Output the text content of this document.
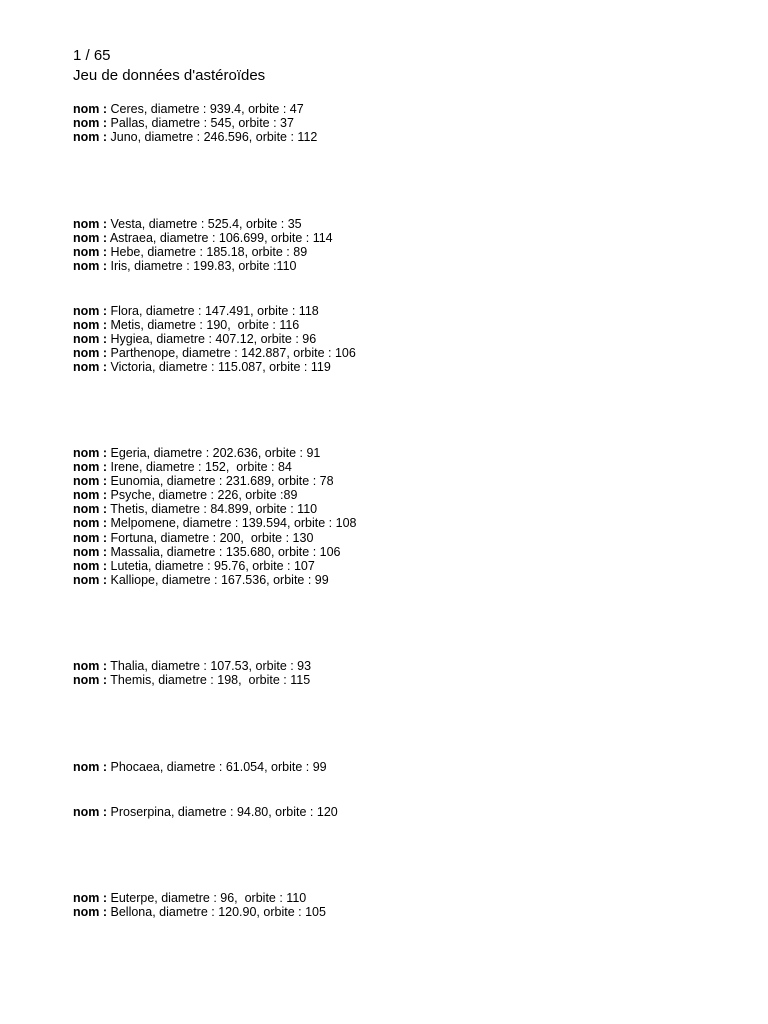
1 / 65
Jeu de données d'astéroïdes
nom : Ceres, diametre : 939.4, orbite : 47
nom : Pallas, diametre : 545, orbite : 37
nom : Juno, diametre : 246.596, orbite : 112
nom : Vesta, diametre : 525.4, orbite : 35
nom : Astraea, diametre : 106.699, orbite : 114
nom : Hebe, diametre : 185.18, orbite : 89
nom : Iris, diametre : 199.83, orbite :110
nom : Flora, diametre : 147.491, orbite : 118
nom : Metis, diametre : 190,  orbite : 116
nom : Hygiea, diametre : 407.12, orbite : 96
nom : Parthenope, diametre : 142.887, orbite : 106
nom : Victoria, diametre : 115.087, orbite : 119
nom : Egeria, diametre : 202.636, orbite : 91
nom : Irene, diametre : 152,  orbite : 84
nom : Eunomia, diametre : 231.689, orbite : 78
nom : Psyche, diametre : 226, orbite :89
nom : Thetis, diametre : 84.899, orbite : 110
nom : Melpomene, diametre : 139.594, orbite : 108
nom : Fortuna, diametre : 200,  orbite : 130
nom : Massalia, diametre : 135.680, orbite : 106
nom : Lutetia, diametre : 95.76, orbite : 107
nom : Kalliope, diametre : 167.536, orbite : 99
nom : Thalia, diametre : 107.53, orbite : 93
nom : Themis, diametre : 198,  orbite : 115
nom : Phocaea, diametre : 61.054, orbite : 99
nom : Proserpina, diametre : 94.80, orbite : 120
nom : Euterpe, diametre : 96,  orbite : 110
nom : Bellona, diametre : 120.90, orbite : 105
